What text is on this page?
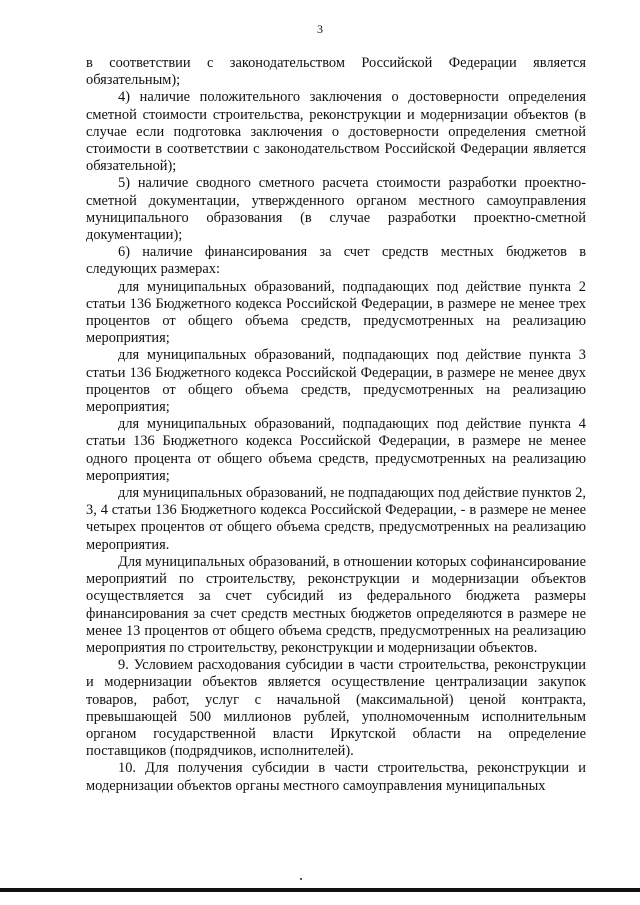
3

в соответствии с законодательством Российской Федерации является обязательным);

4) наличие положительного заключения о достоверности определения сметной стоимости строительства, реконструкции и модернизации объектов (в случае если подготовка заключения о достоверности определения сметной стоимости в соответствии с законодательством Российской Федерации является обязательной);

5) наличие сводного сметного расчета стоимости разработки проектно-сметной документации, утвержденного органом местного самоуправления муниципального образования (в случае разработки проектно-сметной документации);

6) наличие финансирования за счет средств местных бюджетов в следующих размерах:

для муниципальных образований, подпадающих под действие пункта 2 статьи 136 Бюджетного кодекса Российской Федерации, в размере не менее трех процентов от общего объема средств, предусмотренных на реализацию мероприятия;

для муниципальных образований, подпадающих под действие пункта 3 статьи 136 Бюджетного кодекса Российской Федерации, в размере не менее двух процентов от общего объема средств, предусмотренных на реализацию мероприятия;

для муниципальных образований, подпадающих под действие пункта 4 статьи 136 Бюджетного кодекса Российской Федерации, в размере не менее одного процента от общего объема средств, предусмотренных на реализацию мероприятия;

для муниципальных образований, не подпадающих под действие пунктов 2, 3, 4 статьи 136 Бюджетного кодекса Российской Федерации, - в размере не менее четырех процентов от общего объема средств, предусмотренных на реализацию мероприятия.

Для муниципальных образований, в отношении которых софинансирование мероприятий по строительству, реконструкции и модернизации объектов осуществляется за счет субсидий из федерального бюджета размеры финансирования за счет средств местных бюджетов определяются в размере не менее 13 процентов от общего объема средств, предусмотренных на реализацию мероприятия по строительству, реконструкции и модернизации объектов.

9. Условием расходования субсидии в части строительства, реконструкции и модернизации объектов является осуществление централизации закупок товаров, работ, услуг с начальной (максимальной) ценой контракта, превышающей 500 миллионов рублей, уполномоченным исполнительным органом государственной власти Иркутской области на определение поставщиков (подрядчиков, исполнителей).

10. Для получения субсидии в части строительства, реконструкции и модернизации объектов органы местного самоуправления муниципальных
